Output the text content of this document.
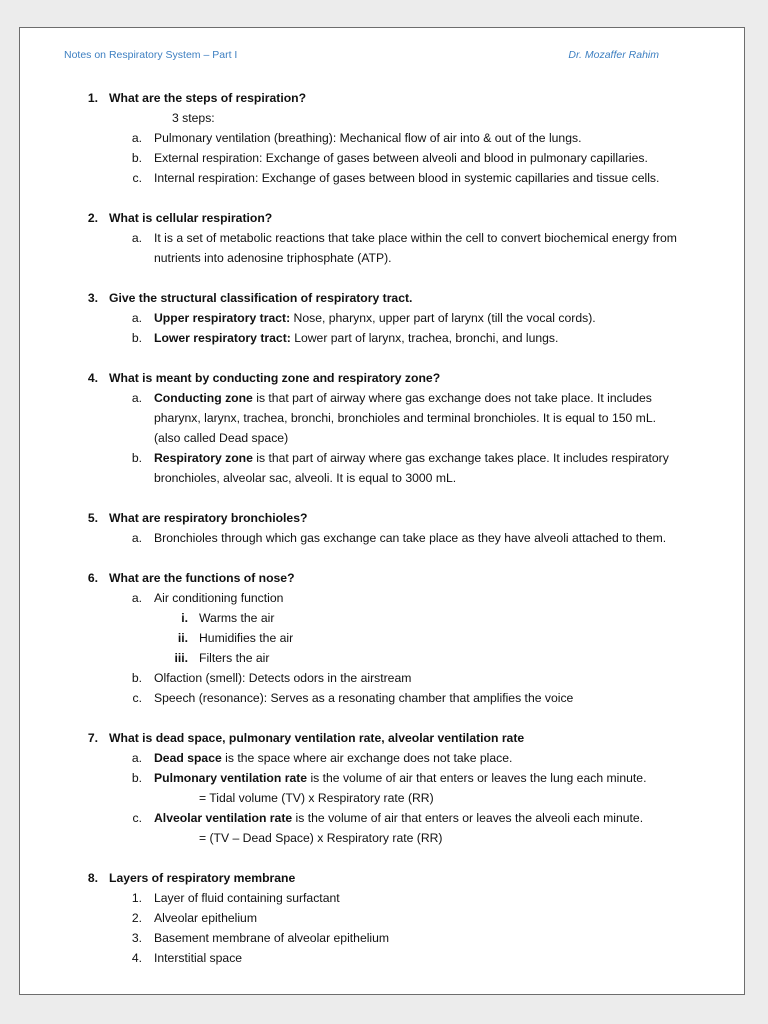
Notes on Respiratory System – Part I	Dr. Mozaffer Rahim
1. What are the steps of respiration?
3 steps:
a. Pulmonary ventilation (breathing): Mechanical flow of air into & out of the lungs.
b. External respiration: Exchange of gases between alveoli and blood in pulmonary capillaries.
c. Internal respiration: Exchange of gases between blood in systemic capillaries and tissue cells.
2. What is cellular respiration?
a. It is a set of metabolic reactions that take place within the cell to convert biochemical energy from
nutrients into adenosine triphosphate (ATP).
3. Give the structural classification of respiratory tract.
a. Upper respiratory tract: Nose, pharynx, upper part of larynx (till the vocal cords).
b. Lower respiratory tract: Lower part of larynx, trachea, bronchi, and lungs.
4. What is meant by conducting zone and respiratory zone?
a. Conducting zone is that part of airway where gas exchange does not take place. It includes
pharynx, larynx, trachea, bronchi, bronchioles and terminal bronchioles. It is equal to 150 mL.
(also called Dead space)
b. Respiratory zone is that part of airway where gas exchange takes place. It includes respiratory
bronchioles, alveolar sac, alveoli. It is equal to 3000 mL.
5. What are respiratory bronchioles?
a. Bronchioles through which gas exchange can take place as they have alveoli attached to them.
6. What are the functions of nose?
a. Air conditioning function
i. Warms the air
ii. Humidifies the air
iii. Filters the air
b. Olfaction (smell): Detects odors in the airstream
c. Speech (resonance): Serves as a resonating chamber that amplifies the voice
7. What is dead space, pulmonary ventilation rate, alveolar ventilation rate
a. Dead space is the space where air exchange does not take place.
b. Pulmonary ventilation rate is the volume of air that enters or leaves the lung each minute.
= Tidal volume (TV) x Respiratory rate (RR)
c. Alveolar ventilation rate is the volume of air that enters or leaves the alveoli each minute.
= (TV – Dead Space) x Respiratory rate (RR)
8. Layers of respiratory membrane
1. Layer of fluid containing surfactant
2. Alveolar epithelium
3. Basement membrane of alveolar epithelium
4. Interstitial space
